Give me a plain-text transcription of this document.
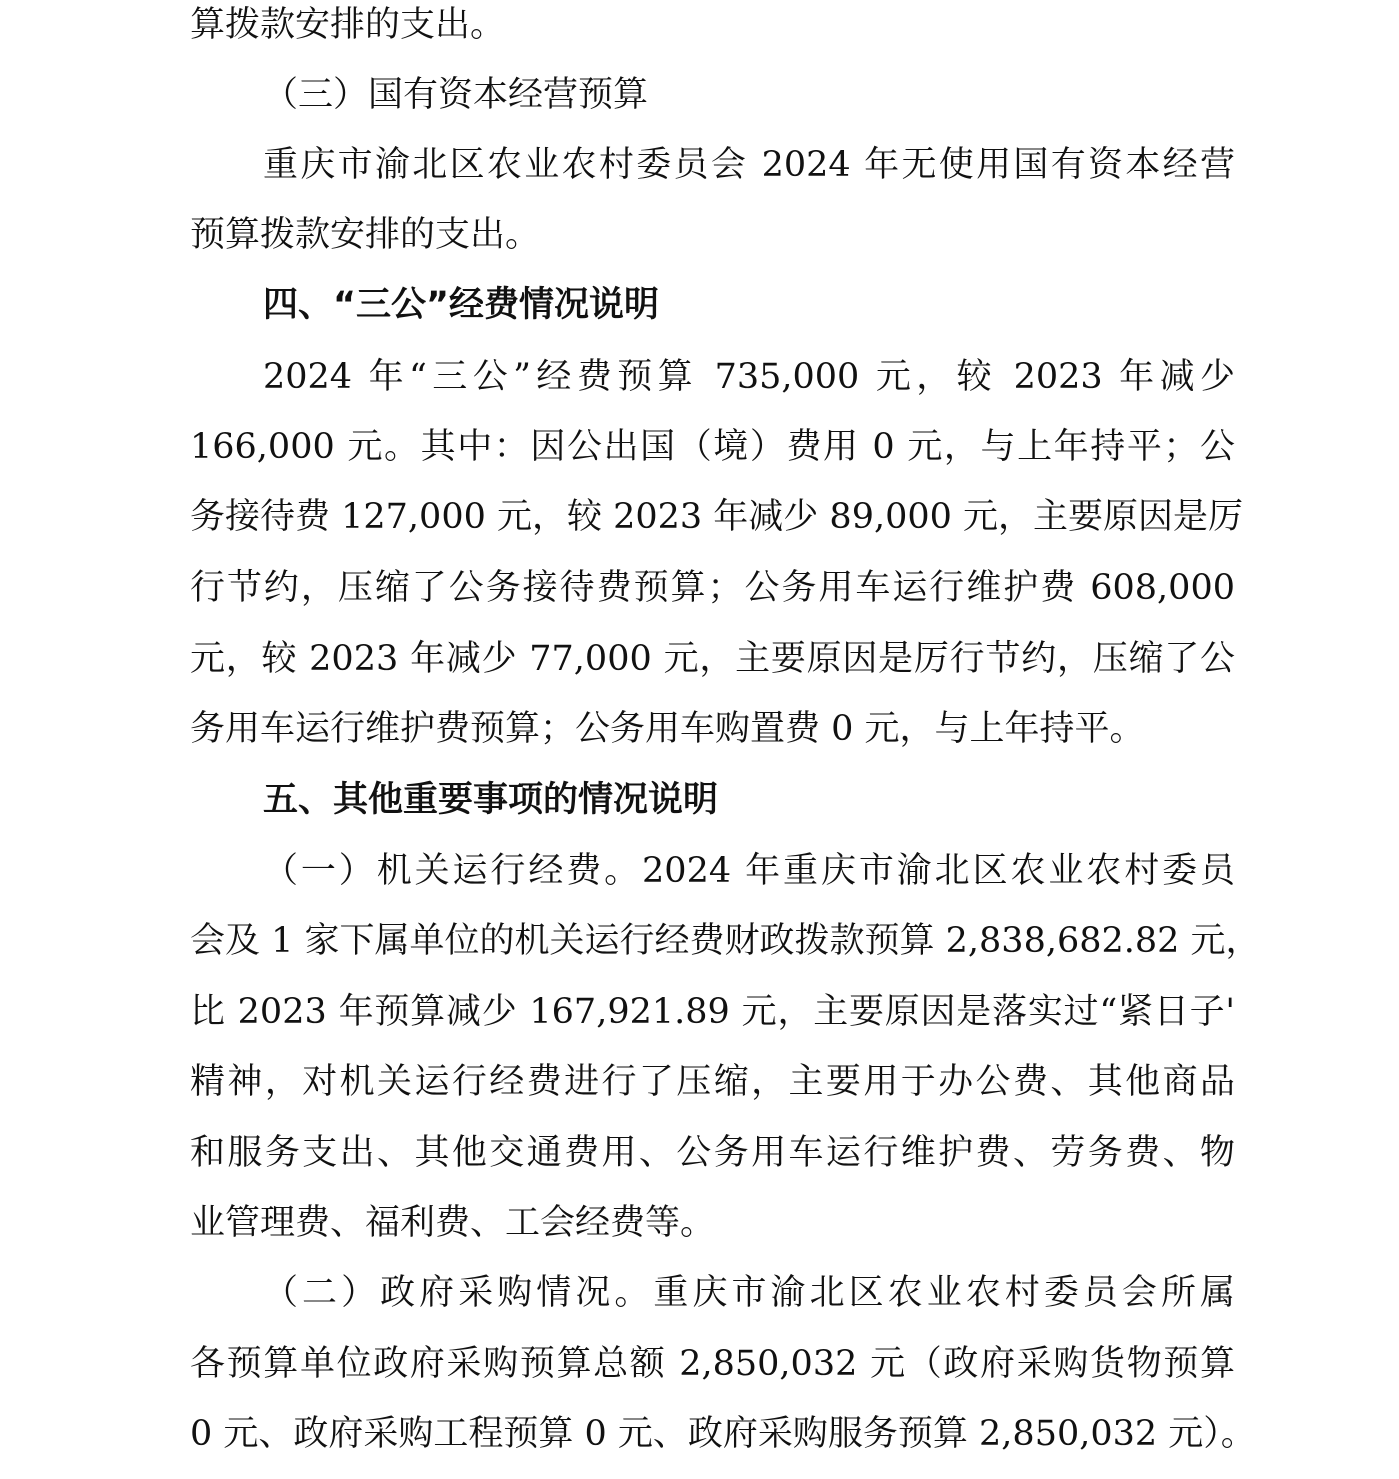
算拨款安排的支出。
（三）国有资本经营预算
重庆市渝北区农业农村委员会 2024 年无使用国有资本经营
预算拨款安排的支出。
四、“三公”经费情况说明
2024 年“三公”经费预算 735,000 元，较 2023 年减少
166,000 元。其中：因公出国（境）费用 0 元，与上年持平；公
务接待费 127,000 元，较 2023 年减少 89,000 元，主要原因是厉
行节约，压缩了公务接待费预算；公务用车运行维护费 608,000
元，较 2023 年减少 77,000 元，主要原因是厉行节约，压缩了公
务用车运行维护费预算；公务用车购置费 0 元，与上年持平。
五、其他重要事项的情况说明
（一）机关运行经费。2024 年重庆市渝北区农业农村委员
会及 1 家下属单位的机关运行经费财政拨款预算 2,838,682.82 元，
比 2023 年预算减少 167,921.89 元，主要原因是落实过“紧日子'
精神，对机关运行经费进行了压缩，主要用于办公费、其他商品
和服务支出、其他交通费用、公务用车运行维护费、劳务费、物
业管理费、福利费、工会经费等。
（二）政府采购情况。重庆市渝北区农业农村委员会所属
各预算单位政府采购预算总额 2,850,032 元（政府采购货物预算
0 元、政府采购工程预算 0 元、政府采购服务预算 2,850,032 元）。
